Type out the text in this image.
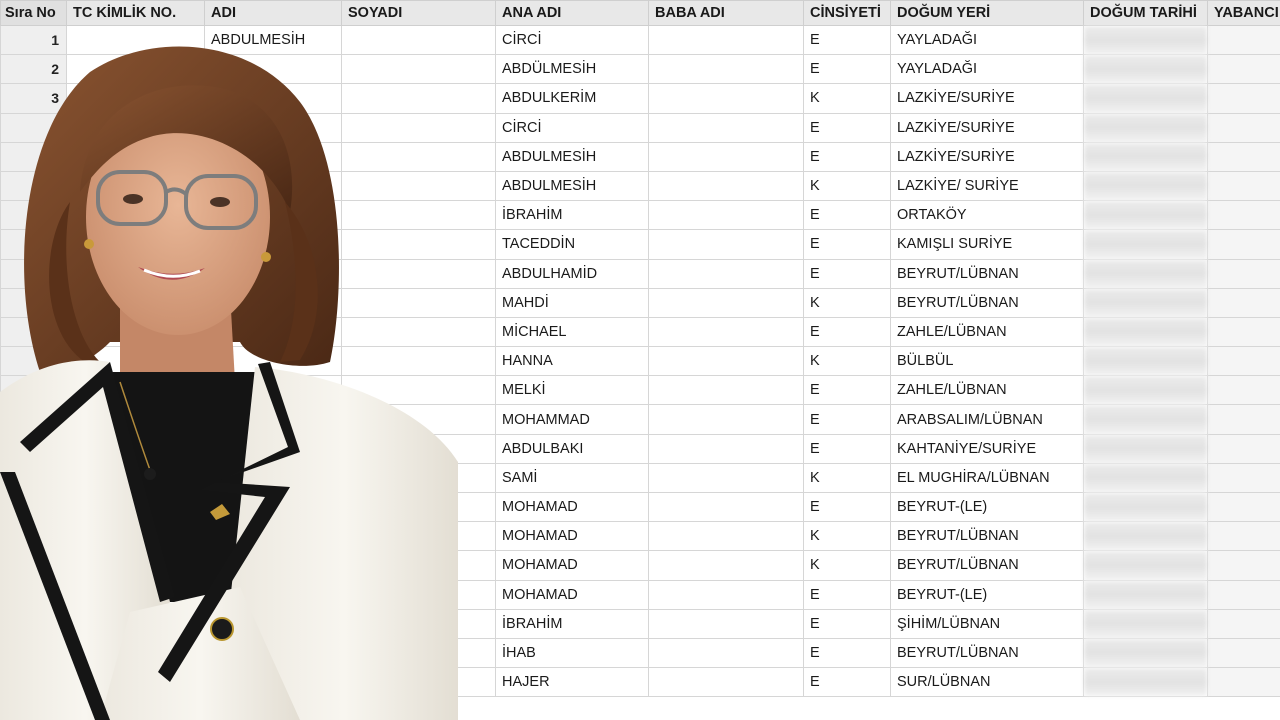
Sıra No	TC KİMLİK NO.	ADI	SOYADI	ANA ADI	BABA ADI	CİNSİYETİ	DOĞUM YERİ	DOĞUM TARİHİ	YABANCI
1		ABDULMESİH		CİRCİ		E	YAYLADAĞI		
2				ABDÜLMESİH		E	YAYLADAĞI		
3				ABDULKERİM		K	LAZKİYE/SURİYE		
				CİRCİ		E	LAZKİYE/SURİYE		
				ABDULMESİH		E	LAZKİYE/SURİYE		
				ABDULMESİH		K	LAZKİYE/ SURİYE		
				İBRAHİM		E	ORTAKÖY		
				TACEDDİN		E	KAMIŞLI SURİYE		
				ABDULHAMİD		E	BEYRUT/LÜBNAN		
				MAHDİ		K	BEYRUT/LÜBNAN		
				MİCHAEL		E	ZAHLE/LÜBNAN		
				HANNA		K	BÜLBÜL		
				MELKİ		E	ZAHLE/LÜBNAN		
				MOHAMMAD		E	ARABSALIM/LÜBNAN		
				ABDULBAKI		E	KAHTANİYE/SURİYE		
				SAMİ		K	EL MUGHİRA/LÜBNAN		
				MOHAMAD		E	BEYRUT-(LE)		
				MOHAMAD		K	BEYRUT/LÜBNAN		
				MOHAMAD		K	BEYRUT/LÜBNAN		
				MOHAMAD		E	BEYRUT-(LE)		
				İBRAHİM		E	ŞİHİM/LÜBNAN		
				İHAB		E	BEYRUT/LÜBNAN		
				HAJER		E	SUR/LÜBNAN		
